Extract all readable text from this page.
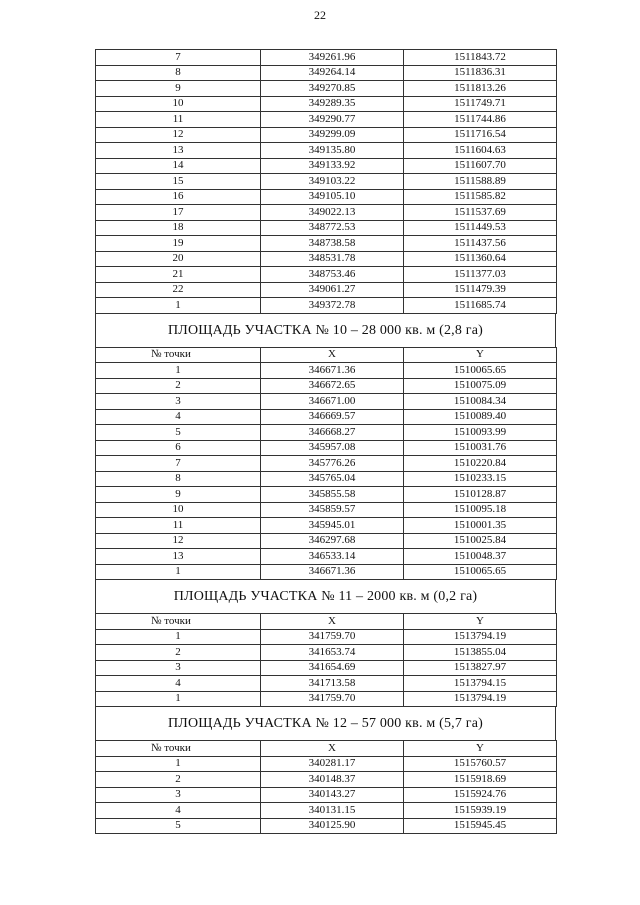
22
7	349261.96	1511843.72
8	349264.14	1511836.31
9	349270.85	1511813.26
10	349289.35	1511749.71
11	349290.77	1511744.86
12	349299.09	1511716.54
13	349135.80	1511604.63
14	349133.92	1511607.70
15	349103.22	1511588.89
16	349105.10	1511585.82
17	349022.13	1511537.69
18	348772.53	1511449.53
19	348738.58	1511437.56
20	348531.78	1511360.64
21	348753.46	1511377.03
22	349061.27	1511479.39
1	349372.78	1511685.74
ПЛОЩАДЬ УЧАСТКА № 10 – 28 000 кв. м (2,8 га)
№ точки	X	Y
1	346671.36	1510065.65
2	346672.65	1510075.09
3	346671.00	1510084.34
4	346669.57	1510089.40
5	346668.27	1510093.99
6	345957.08	1510031.76
7	345776.26	1510220.84
8	345765.04	1510233.15
9	345855.58	1510128.87
10	345859.57	1510095.18
11	345945.01	1510001.35
12	346297.68	1510025.84
13	346533.14	1510048.37
1	346671.36	1510065.65
ПЛОЩАДЬ УЧАСТКА № 11 – 2000 кв. м (0,2 га)
№ точки	X	Y
1	341759.70	1513794.19
2	341653.74	1513855.04
3	341654.69	1513827.97
4	341713.58	1513794.15
1	341759.70	1513794.19
ПЛОЩАДЬ УЧАСТКА № 12 – 57 000 кв. м (5,7 га)
№ точки	X	Y
1	340281.17	1515760.57
2	340148.37	1515918.69
3	340143.27	1515924.76
4	340131.15	1515939.19
5	340125.90	1515945.45
